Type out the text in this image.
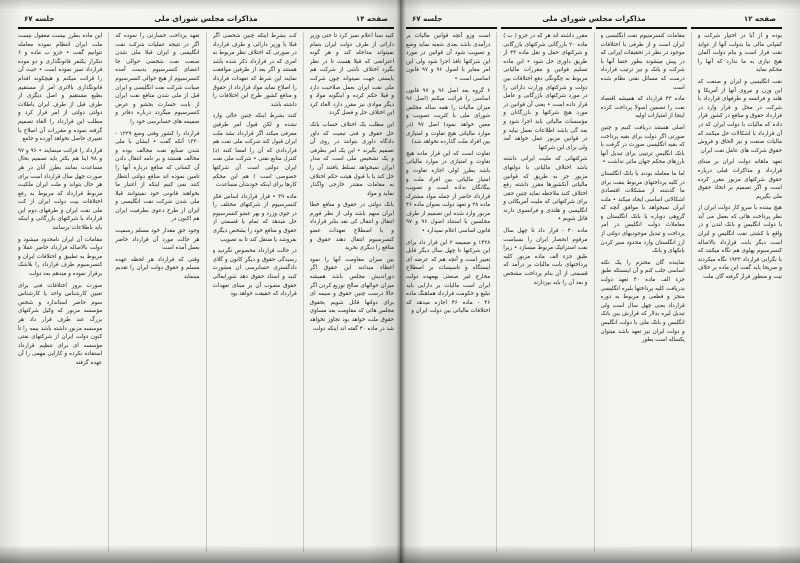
صفحه ۱۴
مذاکرات مجلس شورای ملی
جلسه ۶۷

این ماده بطرز بیست معقول نیست ملت ایران انتظام نموده معامله نتوانیم گفت • جزو ب ماده و ۶ تنکرار یکنفر قانونگذاری و دو موده قرارداد تمیز نموده است • حیث آن را قرائت میکنم و هیچکونه اقدام قانونگذاری بالاتری امر از مستقیم بطبع مستقیم و اصل دیگری از طرف قبل از طرف ایران باطلات دولتی دولتی از امر قرار کرد و مطلب این قرارداد را الغاء تصمیم گرفته نموده و مقررات آن اصلاح یا تغییری حاصل نخواهد آورده و جامع

قرارداد را قرائت مینمایند • ۹۶ و ۹۷ و ۹۸ اینا هم بکتر باید تصمیم بحال مساعدت نمایند بطرز آنان در هر صورت چهل سال قرارداد است برای هر حال بتواند و ملت ایران ملکیت مربوط قرارداد که مربوط به رفع اختلافات بیت دولت ایران از کت ملی نفت ایران و طرفهای دوم این قرارداد با شرکتهای بازرگانی و اینکه باید باطلاعات برسانند

مقامات آن ایران نامحدود میشود و دولت بالاصاله قرارداد حاضر عملا و مربوط به تطبیق و اختلافات ایران و کنسرسیوم طرف قرارداد را بلاشک برقرار نموده و میدهم بعد دولت

صورت بروز اختلافات فنی برای تعیین کارشناس واحد یا کارشناس سوم حاضر استاندارد و شخص مؤسسه مزبور که وکیل شرکتهای بزرگ عند طرف قرار داد هر موسسه مزبور داشته باشد بیمه را تا کنون دولت ایران از شرکتهای نفتی مؤسسه ای برای تنظیم قرارداد استفاده نکرده و کارایی مهمی را آن عهده گرفته

تعهد پرداخت خسارتی را نموده که اگر در نتیجه عملیات شرکت نفت انگلیسی و ایران قبلا ملی شدن صنعت نفت شخصی حوالی جا اعضای کنسرسیوم بدست آمده کنسرسیوم از هیچ حوالی کنسرسیوم صیانت شرکت نفت انگلیسی و ایران قبل از ملی شدن منافع نفت ایران از بابت خسارت بحشو و عرض کنسرسیوم میگردد درباره دفاتر و ضمیمه های حسابرسی خود را

قرارداد را کشور وقتی وضع ۱۳۲۹ - ۱۳۳۰ آنکه گفت • ایشان با ملی شدن صنایع نفت مخالف بوده و مخالف هستند و بر نامه انتقال دادن آن کسانی که منافع درباره آنها را تامین نموده اند منافع دولتی انتظار کنند نمی کنیم اینکه از اعتبار ما بخواهند قانونی خود نمیتوانند قبلا ملی شدن شرکت نفت انگلیسی و ایران از طرح دعوی بطرفیت ایران هم اکنون در

وجود حق مقدار خود مسلم رسمیت هر حالت مورد آن قرارداد حاضر بعمل آمده است

وقتی که قرارداد هر لحظه عهده مسلم و حقوق دولت ایران را تقدیم مینماید

کت بشرط اینکه چنین شخصی اگر قبلا با وزیر دارائی و طرف قرارداد در صورتی که اختلاف نظر مربوط به امری که در قرارداد ذکر شده باشد هستند و اگر بعد از طرفین موافقت نمایند این شرط که تعهدات قرارداد را اصلاح نماید مواد قرارداد از حقوق و منافع کشور طرح این اختلافات را داشته باشد

کنند بشرط اینکه چنین حالی وارد نشده و لکن قبول امر طرفین معرفی میکند اگر قرارداد بشد ملت ایران قبول کند شرکت ملی نفت هم قراردادی که آن را امضا کنند (د) کنترل منابع نفتی • شرکت ملی نفت ایران دولتی است آن شرکتها خصوصی است ) هم این محکم کارها برای اینکه خودشان مساعدت

ماده ۳۹ • قرار قرارداد اساس فکر کنسرسیوم از شرکتهای مختلف را در جوی وزرد و بهر عضو کنسرسیوم حل میدهد که تمام یا قسمتی از حقوق و منافع خود را بشخص دیگری بفروشد یا منتقل کند تا به تصویب

در حالت قرارداد مخصوص نگردید و رسیدگی حقوق و دیگر کانون و گلای دادگستری حسابرسی ان مشورت کنید و اسناد حقوق دهد شورایعالی حقوق مصوب آن بر مبنای تعهدات قرارداد که حقیقت خواهد بود

کنید سنا اعلام نمیز کرد تا حتی وزیر دارائی از طرف دولت ایران بتمام نمیتواند مداخله کند و هر گونه اعتراضی که قبلا هست تا در نظر بگیرد اختلاف ناشی از شرکت هم بایستی جهت نمیتواند چون شرکت ملی نفت ایران بعمل صلاحیت دارد و قبلا حکم کرده و اینگونه مواد و دیگر موادی نیز مقرر دارد الغاء کرد این اختلاف حل و فصل گردد

این مطلب یک اختلاف حساب بانک حل حقوق و فنی تبعیت که داور دادگاه داوری بتوانند در روی آن تصمیم بگیرند • این یک امر بطرفی و یک تشخیص ملی است که مدار ایران نمیخواهد تسلط یافتند آن را حل کند یا با قبول هیئت حکم اختلاف به مقامات مقتدر خارجی واگذار نماید و مواد

بانک دولتی در حقوق و منافع خطا ایران سهم باشد ولی از نظر فورم انتقال و انتقال کی نقد بنابر قرارداد و با اصطلاح تعهدات عضو کنسرسیوم انتقال دهند حقوق و منافع را دیگری بخرید

بین میزان مقاومت آنها را نمود اعطاء میدانند این حقوق اگر دوراندیش مجلس باشد همیشه میزان حوالهای صالح توزیع کردن اگر حالا درست چنین حقوق و سیمه ای برای دولتها قائل شویم بحقوق مجلس هائی که مقاومت بعد مساوی حقوق ملت خواهد بود تجاوز نخواهد شد در ماده ۴۰ گفته اند اینکه دولت

صفحه ۱۲
مذاکرات مجلس شورای ملی
جلسه ۶۷

است وزو آنچه قوانین مالیات بر درآمدی باشد بعدی شعبه نماید وضع و تصویب شود آن قوانین در مورد این شرکتها نافذ اجرا شود ولی این امر مغایر با اصول ۹۶ و ۹۷ قانون اساسی است •

۶ گروه بعد اصل ۹۶ و ۹۷ قانون اساسی را قرائت میکنم (اصل ۹۶ میزان مالیات را همه ساله مجلس شورای ملی با کثریت تصویب و معین خواهد نمود) اصل ۹۷ (در موارد مالیاتی هیچ تفاوت و امتیازی بین افراد ملت گذارده نخواهد شد)

تفاوت است که این قرار ماده هیچ تفاوت و امتیازی در موارد مالیاتی باشد بطرز اولی اجازه تفاوت و امتیاز مالیاتی بین افراد ملت و بیگانگان نداده است و تصویب قرارداد حاضر از جمله مواد مشترک ماده ۲۸ و تعهد دولت بعنوان ماده ۴۶ مزبور وارد شده این تصمیم از طرف مجلسین با استناد اصول ۹۶ و ۹۷ قانون اساسی اعلام نمیدارد •

۱۴۲۸ و ضمیمه ۲ این قرار داد برای این شرکتها تا چهل سال دیگر قابل تغییر است و آنچه هم که عرضه ای ایستگاه و تاسیسات بر اصطلاح مخارج غیر صنعتی بهعهده دولت ایران است مالیات بر دارایی باید تبلیغ و حکومت قرارداد هماهنگ ماده ۴۶ - ماده ۴۶ اجازه میدهد که اختلافات مالیاتی بین دولت ایران و

مقرر داشته اند هر که در جزو ( ب ) ماده ۲۰ بازرگانی شرکتهای بازرگانی و شرکتهای حمل و نقل ماده ۴۴ از طریق داوری حل شود • این ماده تسلیم قوانین و مقررات مالیاتی مربوط به چگونگی دفع اختلافات بین دولت و شرکتهای وزارت دارائی را در مورد شرکتهای بازرگانی و عامل قرار داده است • یعنی آن قوانین در مورد هیچ شرکتها و بازرگانان و مؤسسات مالیاتی باید اجرا شود و بعد گی باشد اطلاعات بعمل بیاید و در قوانین مزبور عمل خواهد آمد ولی برای این شرکتها

شرکتهائی که ملیت ایرانی داشته باشد اختلاف مالیاتی با دولتهای مزبور جز به طریق که قوانین مالیاتی آنکشورها مقرر داشته رفع اختلاف کنند ملاحظه نماید چنین حقی برای شرکتهائی که ملیت آمریکائی و انگلیسی و هلندی و فرانسوی دارند قائل شویم •

ماده ۴۰ - قرار داد تا چهل سال مرقوم انحصار ایران را بسیاست نفت استراتیک مربوط میسازد • زیرا طبق جزء الف ماده مزبور کلیه پرداختهای بابت مالیات بر درآمد که قسمتی از آن بنام پرداخت مشخص و بعد آن را باید بپردازند

مقامات کنسرسیوم نفت انگلیسی و ایران است و از طرفی با اختلافات موجود در نظر در تحقیقات ایرانی که در پیش میشوند بطور حتما آنها با شرکت و بانک و نیز ترتیب قرارداد درست که مسائل نفتی نظام شده است

ماده ۴۳ قرارداد که همیشه اقتصاد نفت را تضمین اصولا پرداخت کرده اینجا از امتیازات اولیه

اصلی هستند دریافت کنیم و چنین صورتی اگر دولت برای بقیه پرداخت که بقیه انگلیسی صورت در گرفت با بانک انگلیس ترتیبی برای تبدیل آنها بارزهای محکم جهان مائی نداشت •

اما ما معامله بودند با بانک انگلستان در کلیه پرداختهای مربوط بنفت برای ما گذشته از مشکلات اقتصادی اشکالاتی اساسی ایجاد میکند • ملت ایران نمیخواهد با موافق آنچه که گروهی دوباره یا بانک انگلستان و معاملات دولت انگلیس در امر پرداخت و تبدیل موجودیهای دولتی از ارز انگلستان وارد محدود سیر کردن بانکهای و بانک

نماینده گان محترم را یک نکته اساسی جلب کنم و آن اینستکه طبق جزء الف ماده ۴۰ تعهد دولت بدریافت کلیه پرداختها بلیره انگلیسی منجز و قطعی و مربوط به دوره قرارداد یعنی چهل سال است ولی تبدیل لیره بدلار که قرارش بین بانک انگلیس و بانک ملی با دولت انگلیس و دولت ایران نیز تعهد باشد میتوان یکساله است بطور

بوده و از آیا در اختیار شرکت و کمپانی مالی بنا بدولت آنها از عواید نفت قرار است و بنام دولت آلمان هیچ نیازی به ما ندارد که آنها را محکم نماید

نفت انگلیسی و ایران و صنعت که این وزن و نیروی آنها از آمریکا و هلند و فرانسه و طرفهای قرارداد با شرکت در محل و قرار وارد در قرارداد حقوق و منافع در کشور قرار داده که مالیات با دولت ایران که در آن قرارداد با اشکالات حل میکنند که مالیات صنعت و نیز الحاق و فروش حقوق شرکت های عامل نفت ایران

تعهد ماهانه دولت ایران بر مبنای قرارداد و مذاکرات قبلی درباره حقوق شرکتهای مزبور مقرر کرده است و اگر تصمیم بر اتخاذ حقوق ملی بگیریم

هیچ بیننده با سرو کار دولت ایران از نظر پرداخت هائی که بعمل می آید با دولت انگلیس و بانک لندن و در واقع با کشتی نفت انگلیس و ایران است دیگر بابت قرارداد بالاصاله کنسرسیوم پهلوی هم نگاه میکنند که با نگرانی قرارداد ۱۹۳۳ نگاه میکردند و صریحا باید گفت این ماده بر خلاف نیت و منظور قرار گرفته گان ملت
